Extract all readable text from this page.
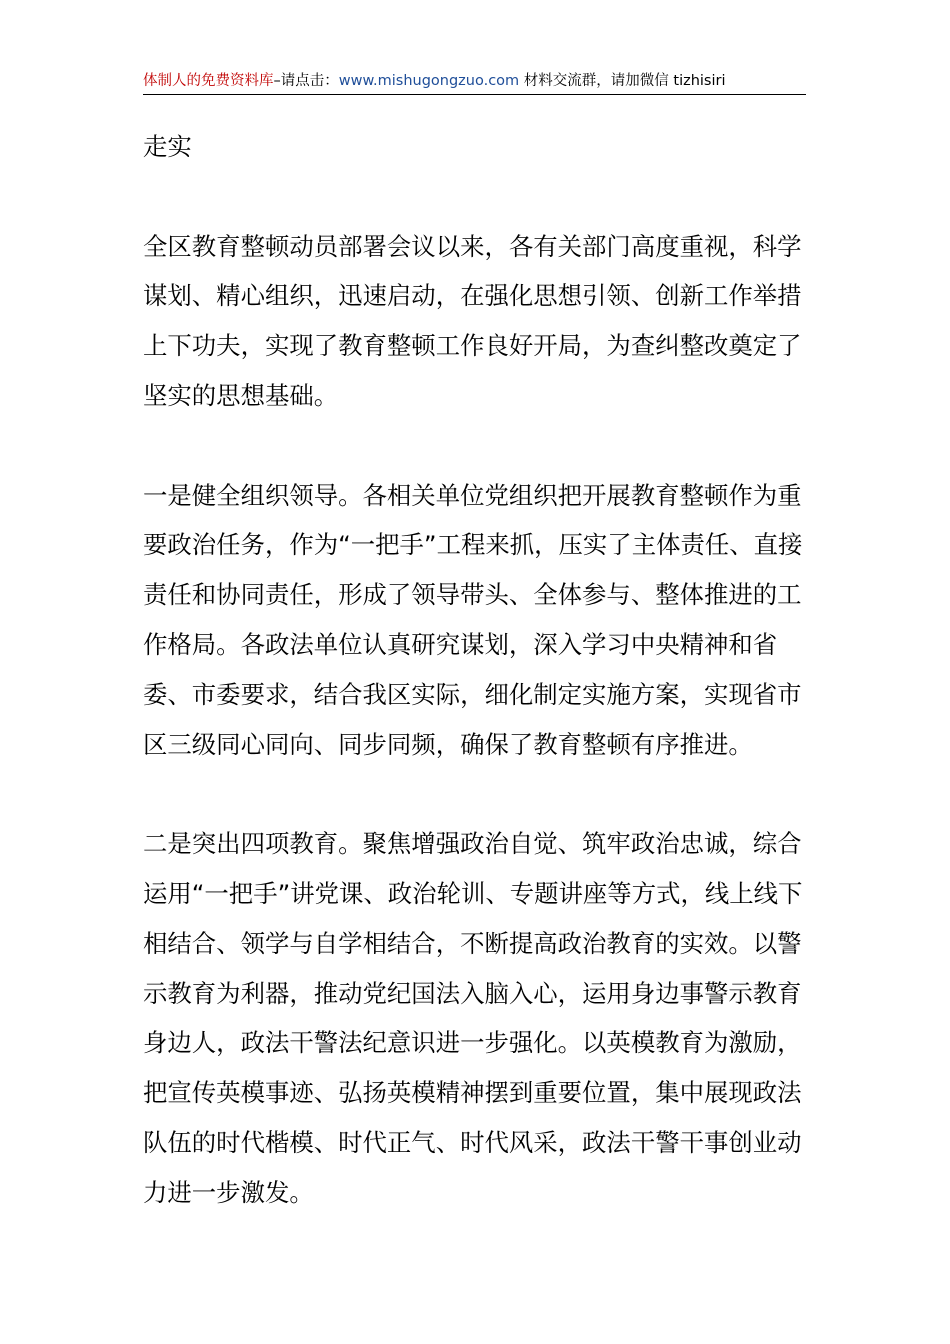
体制人的免费资料库–请点击：www.mishugongzuo.com 材料交流群，请加微信 tizhisiri

走实

全区教育整顿动员部署会议以来，各有关部门高度重视，科学谋划、精心组织，迅速启动，在强化思想引领、创新工作举措上下功夫，实现了教育整顿工作良好开局，为查纠整改奠定了坚实的思想基础。

一是健全组织领导。各相关单位党组织把开展教育整顿作为重要政治任务，作为“一把手”工程来抓，压实了主体责任、直接责任和协同责任，形成了领导带头、全体参与、整体推进的工作格局。各政法单位认真研究谋划，深入学习中央精神和省委、市委要求，结合我区实际，细化制定实施方案，实现省市区三级同心同向、同步同频，确保了教育整顿有序推进。

二是突出四项教育。聚焦增强政治自觉、筑牢政治忠诚，综合运用“一把手”讲党课、政治轮训、专题讲座等方式，线上线下相结合、领学与自学相结合，不断提高政治教育的实效。以警示教育为利器，推动党纪国法入脑入心，运用身边事警示教育身边人，政法干警法纪意识进一步强化。以英模教育为激励，把宣传英模事迹、弘扬英模精神摆到重要位置，集中展现政法队伍的时代楷模、时代正气、时代风采，政法干警干事创业动力进一步激发。
